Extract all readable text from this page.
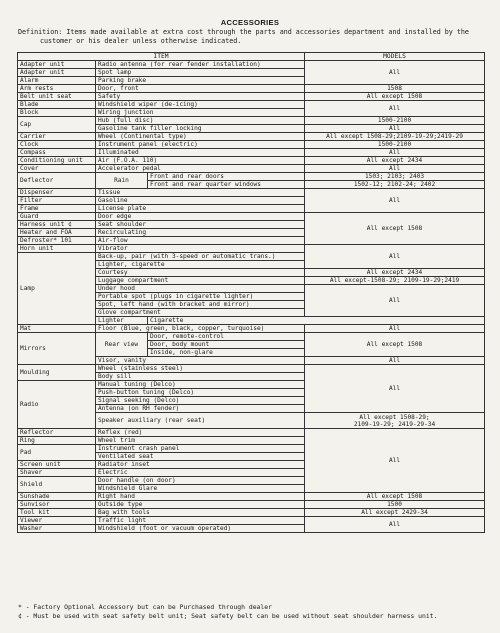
ACCESSORIES
Definition: Items made available at extra cost through the parts and accessories department and installed by the
customer or his dealer unless otherwise indicated.
ITEM			MODELS	
Adapter unit	Radio antenna (for rear fender installation)		All	
Adapter unit	Spot lamp			
Alarm	Parking brake			
Arm rests	Door, front		1508	
Belt unit seat	Safety		All except 1508	
Blade	Windshield wiper (de-icing)		All	
Block	Wiring junction			
Cap	Hub (full disc)		1500-2100	
	Gasoline tank filler locking		All	
Carrier	Wheel (Continental type)		All except 1508-29;2109-19-29;2419-29	
Clock	Instrument panel (electric)		1500-2100	
Compass	Illuminated		All	
Conditioning unit	Air (F.O.A. 110)		All except 2434	
Cover	Accelerator pedal		All	
Deflector	Rain	Front and rear doors	1503; 2103; 2403	
		Front and rear quarter windows	1502-12; 2102-24; 2402	
Dispenser	Tissue		All	
Filter	Gasoline			
Frame	License plate			
Guard	Door edge		All except 1508	
Harness unit ¢	Seat shoulder			
Heater and FOA	Recirculating			
Defroster* 101	Air-flow			
Horn unit	Vibrator		All	
Lamp	Back-up, pair (with 3-speed or automatic trans.)			
	Lighter, cigarette			
	Courtesy		All except 2434	
	Luggage compartment		All except-1508-29; 2109-19-29;2419	
	Under hood		All	
	Portable spot (plugs in cigarette lighter)			
	Spot, left hand (with bracket and mirror)			
	Glove compartment			
	Lighter	Cigarette	
Mat	Floor (Blue, green, black, copper, turquoise)		All	
Mirrors	Rear view	Door, remote-control	All except 1508	
		Door, body mount		
		Inside, non-glare		
	Visor, vanity		All	
Moulding	Wheel (stainless steel)		All	
	Body sill			
Radio	Manual tuning (Delco)			
	Push-button tuning (Delco)			
	Signal seeking (Delco)			
	Antenna (on RH fender)			
	Speaker auxiliary (rear seat)		All except 1508-29;
2109-19-29; 2419-29-34	

Reflector	Reflex (red)		All	
Ring	Wheel trim			
Pad	Instrument crash panel			
	Ventilated seat			
Screen unit	Radiator inset			
Shaver	Electric			
Shield	Door handle (on door)			
	Windshield Glare			
Sunshade	Right hand		All except 1508	
Sunvisor	Outside type		1500	
Tool kit	Bag with tools		All except 2429-34	
Viewer	Traffic light		All	
Washer	Windshield (foot or vacuum operated)			
* - Factory Optional Accessory but can be Purchased through dealer
¢ - Must be used with seat safety belt unit; Seat safety belt can be used without seat shoulder harness unit.
